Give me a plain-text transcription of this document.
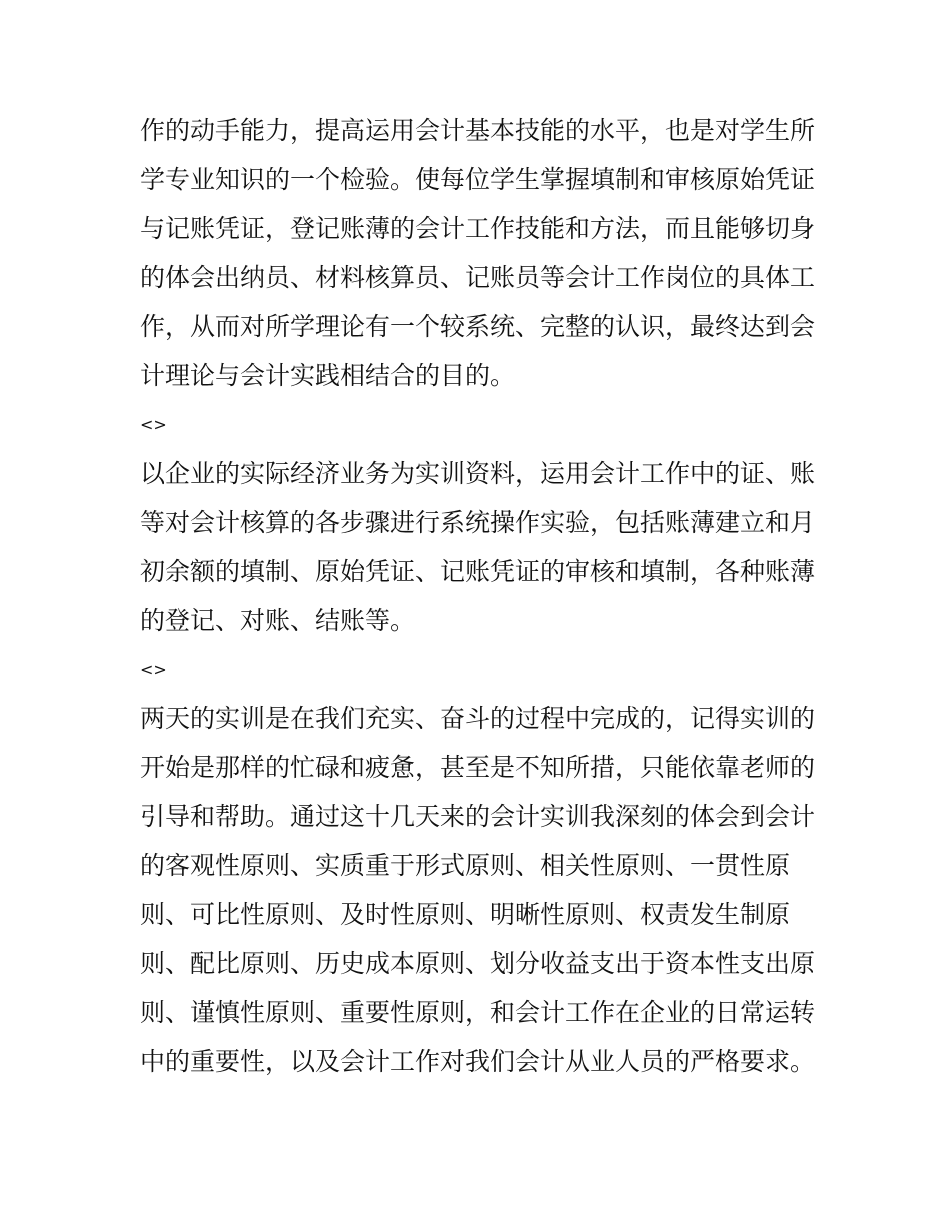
作的动手能力，提高运用会计基本技能的水平，也是对学生所
学专业知识的一个检验。使每位学生掌握填制和审核原始凭证
与记账凭证，登记账薄的会计工作技能和方法，而且能够切身
的体会出纳员、材料核算员、记账员等会计工作岗位的具体工
作，从而对所学理论有一个较系统、完整的认识，最终达到会
计理论与会计实践相结合的目的。
<>
以企业的实际经济业务为实训资料，运用会计工作中的证、账
等对会计核算的各步骤进行系统操作实验，包括账薄建立和月
初余额的填制、原始凭证、记账凭证的审核和填制，各种账薄
的登记、对账、结账等。
<>
两天的实训是在我们充实、奋斗的过程中完成的，记得实训的
开始是那样的忙碌和疲惫，甚至是不知所措，只能依靠老师的
引导和帮助。通过这十几天来的会计实训我深刻的体会到会计
的客观性原则、实质重于形式原则、相关性原则、一贯性原
则、可比性原则、及时性原则、明晰性原则、权责发生制原
则、配比原则、历史成本原则、划分收益支出于资本性支出原
则、谨慎性原则、重要性原则，和会计工作在企业的日常运转
中的重要性，以及会计工作对我们会计从业人员的严格要求。
